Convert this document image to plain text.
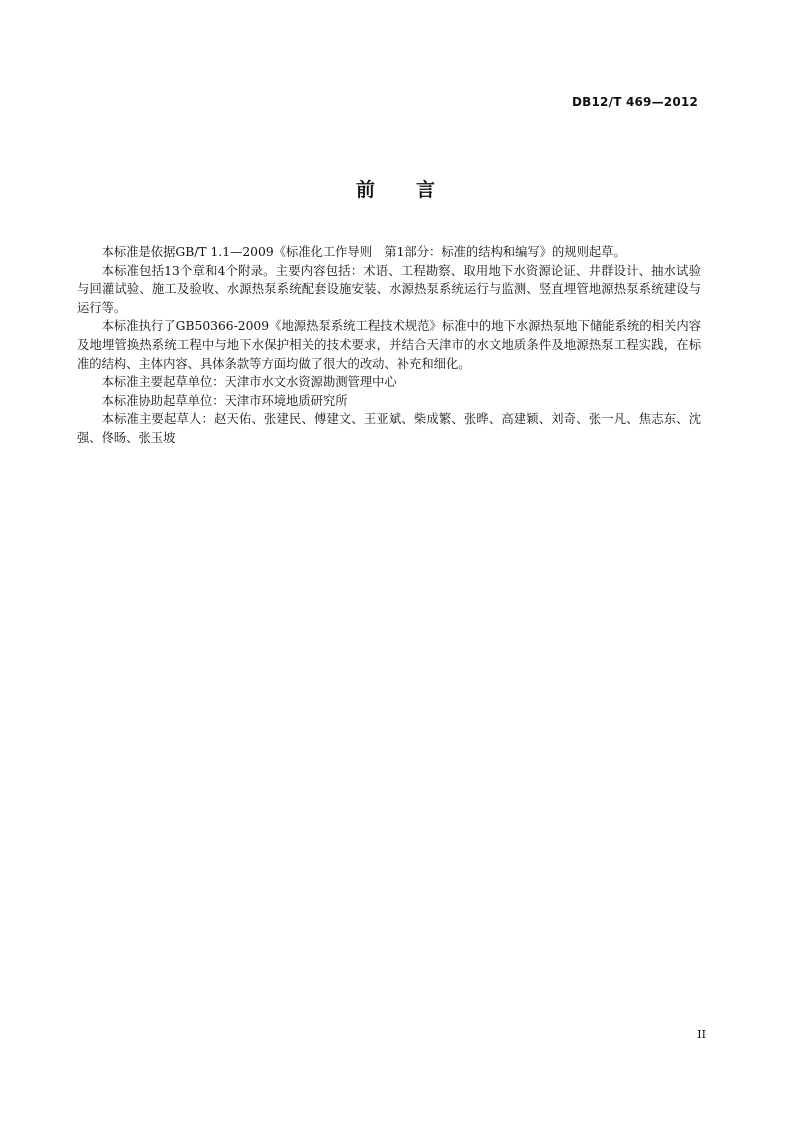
DB12/T 469—2012
前　　言

本标准是依据GB/T 1.1—2009《标准化工作导则　第1部分：标准的结构和编写》的规则起草。

本标准包括13个章和4个附录。主要内容包括：术语、工程勘察、取用地下水资源论证、井群设计、抽水试验与回灌试验、施工及验收、水源热泵系统配套设施安装、水源热泵系统运行与监测、竖直埋管地源热泵系统建设与运行等。

本标准执行了GB50366-2009《地源热泵系统工程技术规范》标准中的地下水源热泵地下储能系统的相关内容及地埋管换热系统工程中与地下水保护相关的技术要求，并结合天津市的水文地质条件及地源热泵工程实践，在标准的结构、主体内容、具体条款等方面均做了很大的改动、补充和细化。

本标准主要起草单位：天津市水文水资源勘测管理中心

本标准协助起草单位：天津市环境地质研究所

本标准主要起草人：赵天佑、张建民、傅建文、王亚斌、柴成繁、张晔、高建颖、刘奇、张一凡、焦志东、沈强、佟旸、张玉坡

II
